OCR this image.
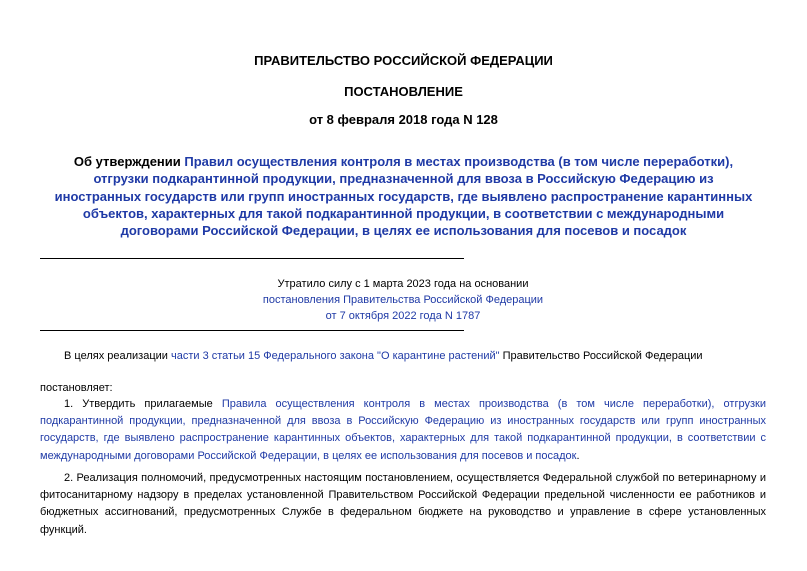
ПРАВИТЕЛЬСТВО РОССИЙСКОЙ ФЕДЕРАЦИИ
ПОСТАНОВЛЕНИЕ
от 8 февраля 2018 года N 128
Об утверждении Правил осуществления контроля в местах производства (в том числе переработки), отгрузки подкарантинной продукции, предназначенной для ввоза в Российскую Федерацию из иностранных государств или групп иностранных государств, где выявлено распространение карантинных объектов, характерных для такой подкарантинной продукции, в соответствии с международными договорами Российской Федерации, в целях ее использования для посевов и посадок
Утратило силу с 1 марта 2023 года на основании
постановления Правительства Российской Федерации
от 7 октября 2022 года N 1787
В целях реализации части 3 статьи 15 Федерального закона "О карантине растений" Правительство Российской Федерации
постановляет:
1. Утвердить прилагаемые Правила осуществления контроля в местах производства (в том числе переработки), отгрузки подкарантинной продукции, предназначенной для ввоза в Российскую Федерацию из иностранных государств или групп иностранных государств, где выявлено распространение карантинных объектов, характерных для такой подкарантинной продукции, в соответствии с международными договорами Российской Федерации, в целях ее использования для посевов и посадок.
2. Реализация полномочий, предусмотренных настоящим постановлением, осуществляется Федеральной службой по ветеринарному и фитосанитарному надзору в пределах установленной Правительством Российской Федерации предельной численности ее работников и бюджетных ассигнований, предусмотренных Службе в федеральном бюджете на руководство и управление в сфере установленных функций.
